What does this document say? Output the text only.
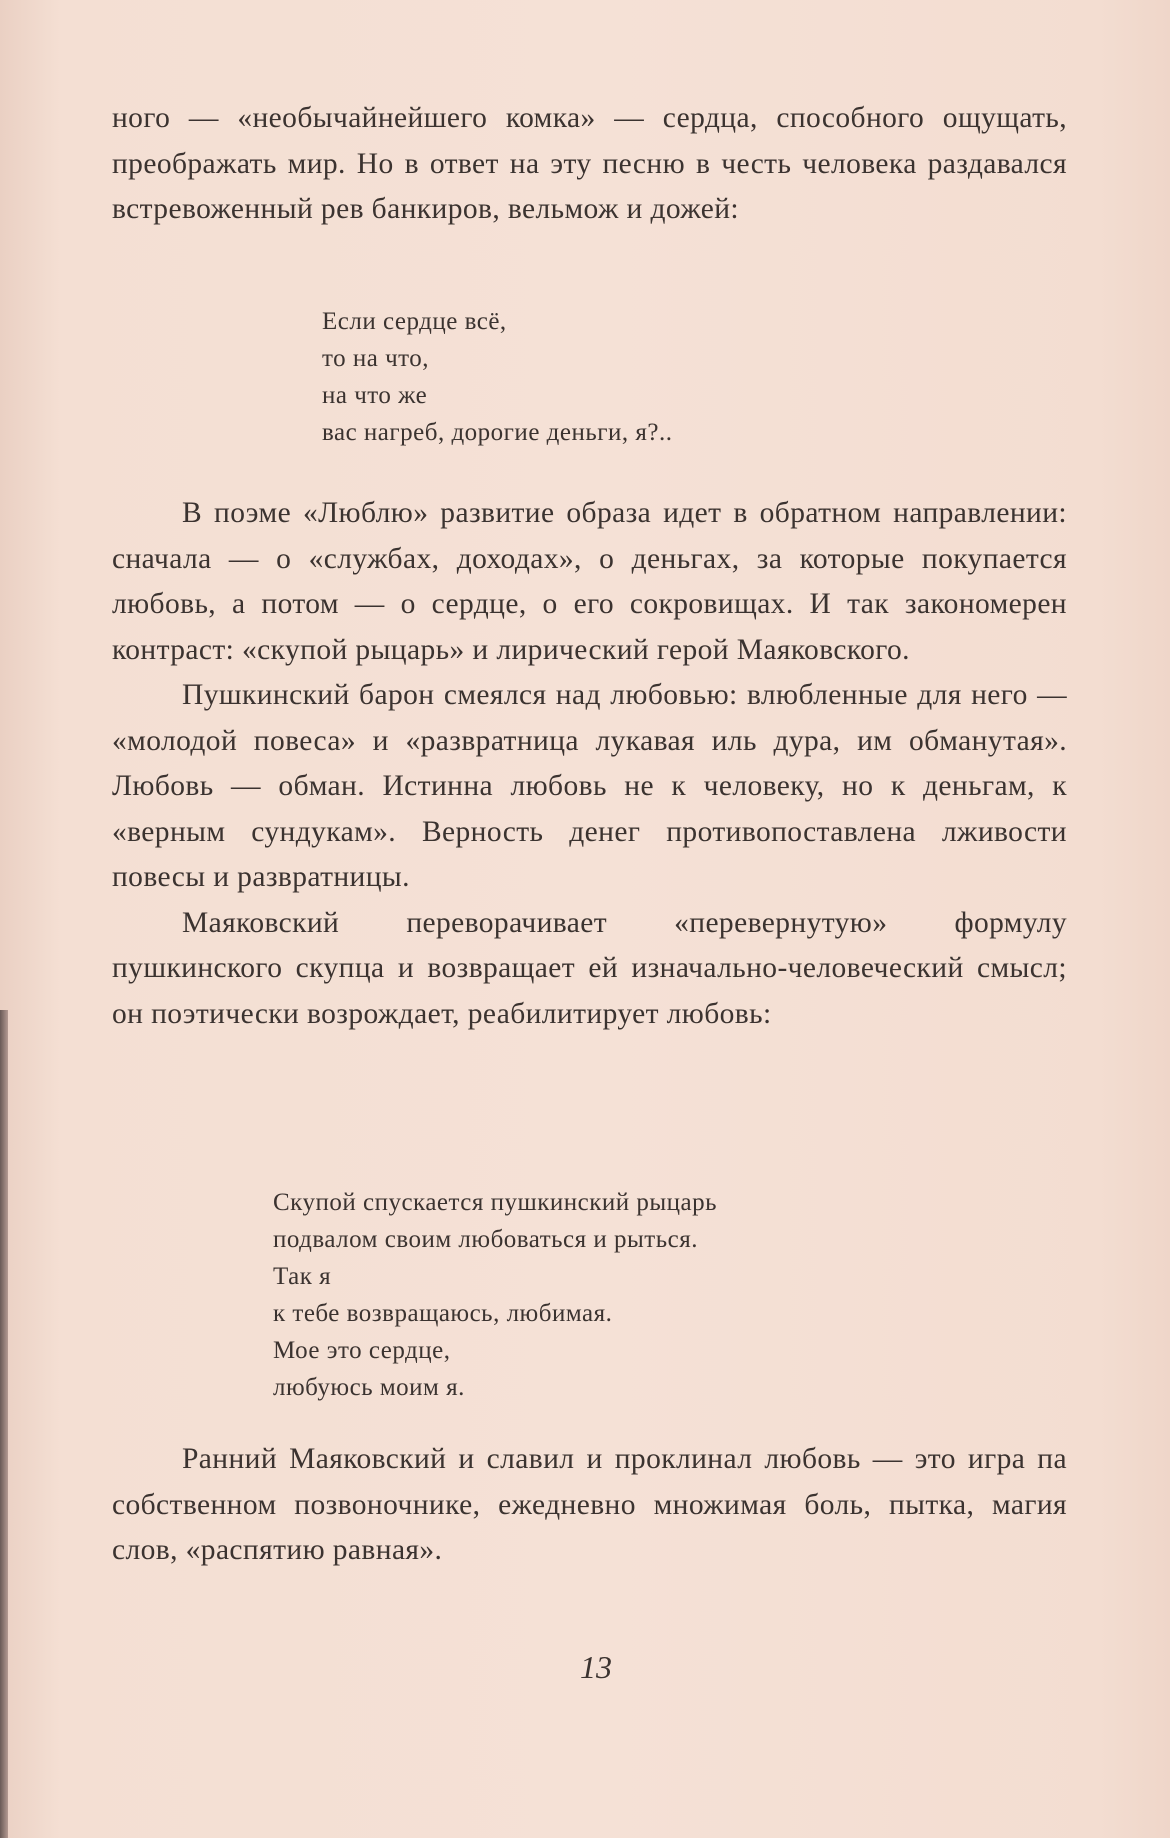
ного — «необычайнейшего комка» — сердца, способного ощущать, преображать мир. Но в ответ на эту песню в честь человека раздавался встревоженный рев банкиров, вельмож и дожей:

Если сердце всё,
то на что,
на что же
вас нагреб, дорогие деньги, я?..

В поэме «Люблю» развитие образа идет в обратном направлении: сначала — о «службах, доходах», о деньгах, за которые покупается любовь, а потом — о сердце, о его сокровищах. И так закономерен контраст: «скупой рыцарь» и лирический герой Маяковского.

Пушкинский барон смеялся над любовью: влюбленные для него — «молодой повеса» и «развратница лукавая иль дура, им обманутая». Любовь — обман. Истинна любовь не к человеку, но к деньгам, к «верным сундукам». Верность денег противопоставлена лживости повесы и развратницы.

Маяковский переворачивает «перевернутую» формулу пушкинского скупца и возвращает ей изначально-человеческий смысл; он поэтически возрождает, реабилитирует любовь:

Скупой спускается пушкинский рыцарь
подвалом своим любоваться и рыться.
Так я
к тебе возвращаюсь, любимая.
Мое это сердце,
любуюсь моим я.

Ранний Маяковский и славил и проклинал любовь — это игра па собственном позвоночнике, ежедневно множимая боль, пытка, магия слов, «распятию равная».

13
